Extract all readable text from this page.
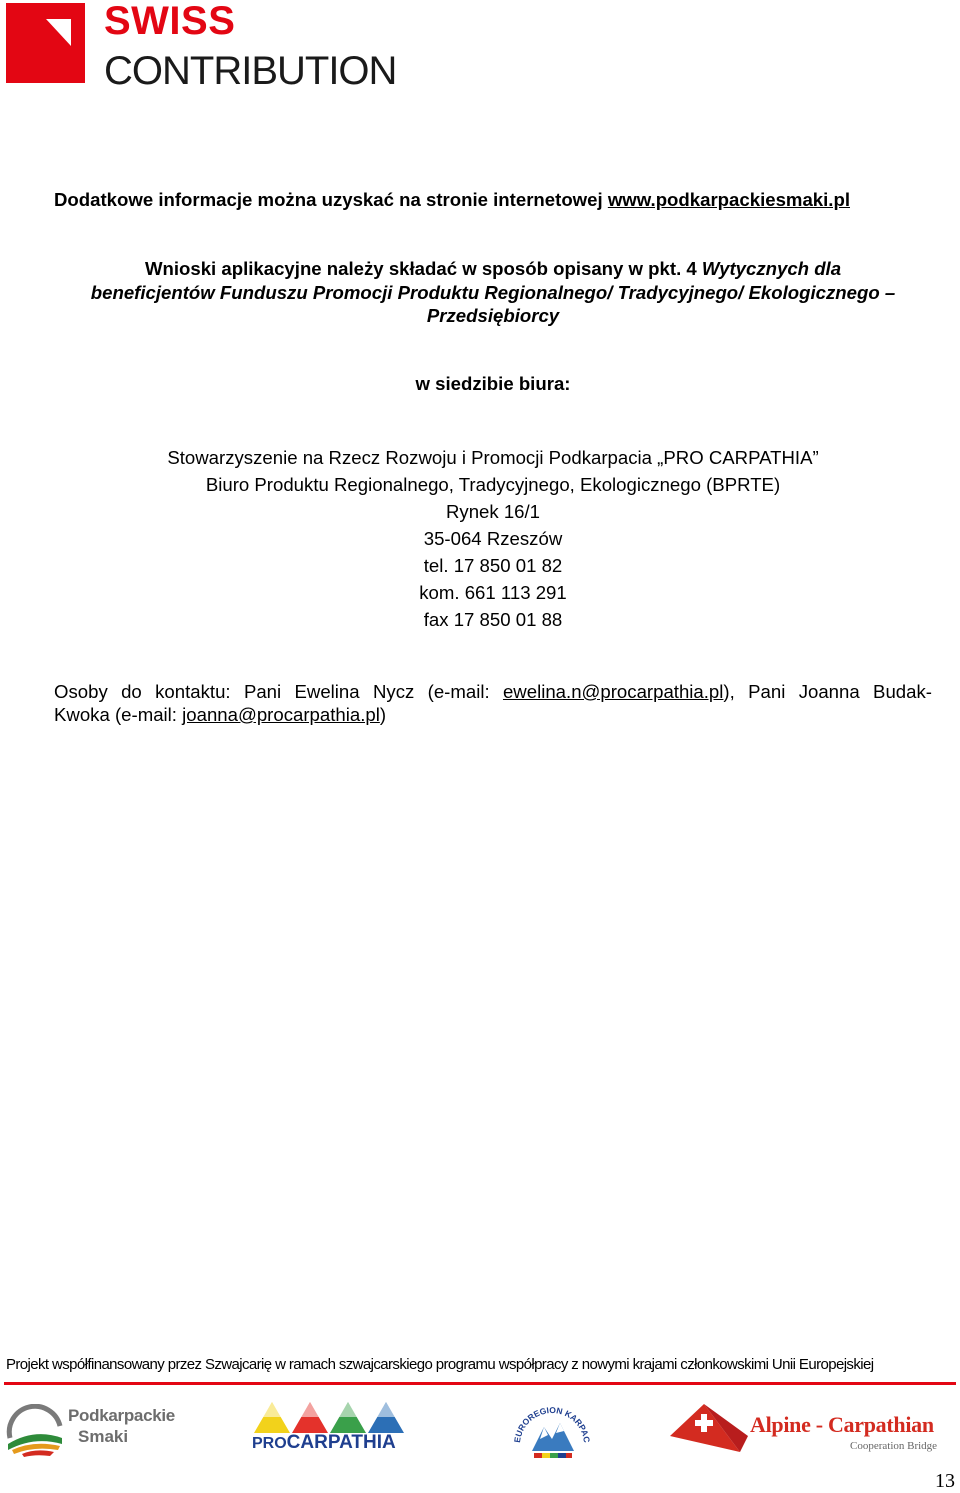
SWISS
CONTRIBUTION
Dodatkowe informacje można uzyskać na stronie internetowej www.podkarpackiesmaki.pl
Wnioski aplikacyjne należy składać w sposób opisany w pkt. 4 Wytycznych dla
beneficjentów Funduszu Promocji Produktu Regionalnego/ Tradycyjnego/ Ekologicznego –
Przedsiębiorcy
w siedzibie biura:
Stowarzyszenie na Rzecz Rozwoju i Promocji Podkarpacia „PRO CARPATHIA”
Biuro Produktu Regionalnego, Tradycyjnego, Ekologicznego (BPRTE)
Rynek 16/1
35-064 Rzeszów
tel. 17 850 01 82
kom. 661 113 291
fax 17 850 01 88
Osoby do kontaktu: Pani Ewelina Nycz (e-mail: ewelina.n@procarpathia.pl), Pani Joanna Budak-
Kwoka (e-mail: joanna@procarpathia.pl)
Projekt współfinansowany przez Szwajcarię w ramach szwajcarskiego programu współpracy z nowymi krajami członkowskimi Unii Europejskiej
Podkarpackie
Smaki	PROCARPATHIA	EUROREGION KARPAC
Alpine - Carpathian
Cooperation Bridge
13
